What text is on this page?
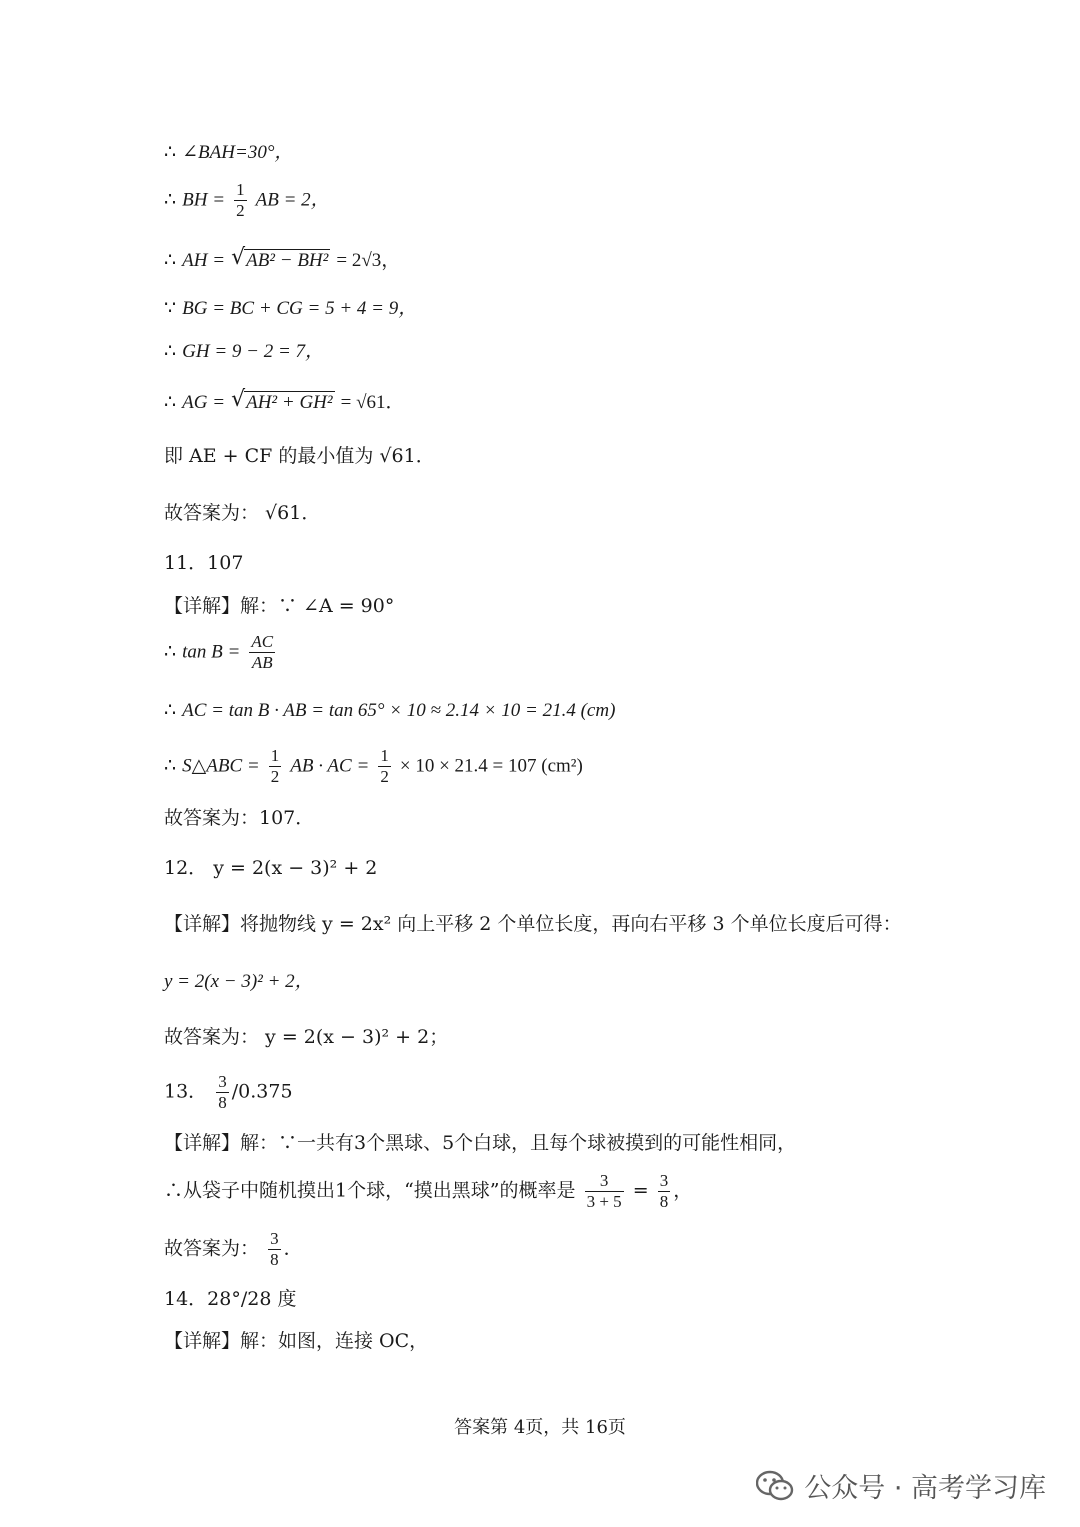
∴ ∠BAH=30°，
∴ BH = $\frac{1}{2}$ AB = 2，
∴ AH = √ AB² − BH² = 2√3，
∵ BG = BC + CG = 5 + 4 = 9，
∴ GH = 9 − 2 = 7，
∴ AG = √ AH² + GH² = √61．
即 AE + CF 的最小值为 √61．
故答案为： √61．
11．107
【详解】解：∵ ∠A = 90°
∴ $\tan B = \frac{AC}{AB}$
∴ AC = tan B · AB = tan 65° × 10 ≈ 2.14 × 10 = 21.4 (cm)
∴ S△ABC = $\frac{1}{2}$ AB · AC = $\frac{1}{2} \times 10 \times 21.4 = 107$ (cm²)
故答案为：107．
12． y = 2(x − 3)² + 2
【详解】将抛物线 y = 2x² 向上平移 2 个单位长度，再向右平移 3 个单位长度后可得：
y = 2(x − 3)² + 2，
故答案为： y = 2(x − 3)² + 2；
13． $\frac{3}{8} /0.375$
【详解】解：∵一共有3个黑球、5个白球，且每个球被摸到的可能性相同，
∴从袋子中随机摸出1个球，“摸出黑球”的概率是 $\frac{3}{3 + 5} = \frac{3}{8}$ ，
故答案为： $\frac{3}{8}$ ．
14．28°/28 度
【详解】解：如图，连接 OC，
答案第 4页，共 16页
公众号 · 高考学习库
